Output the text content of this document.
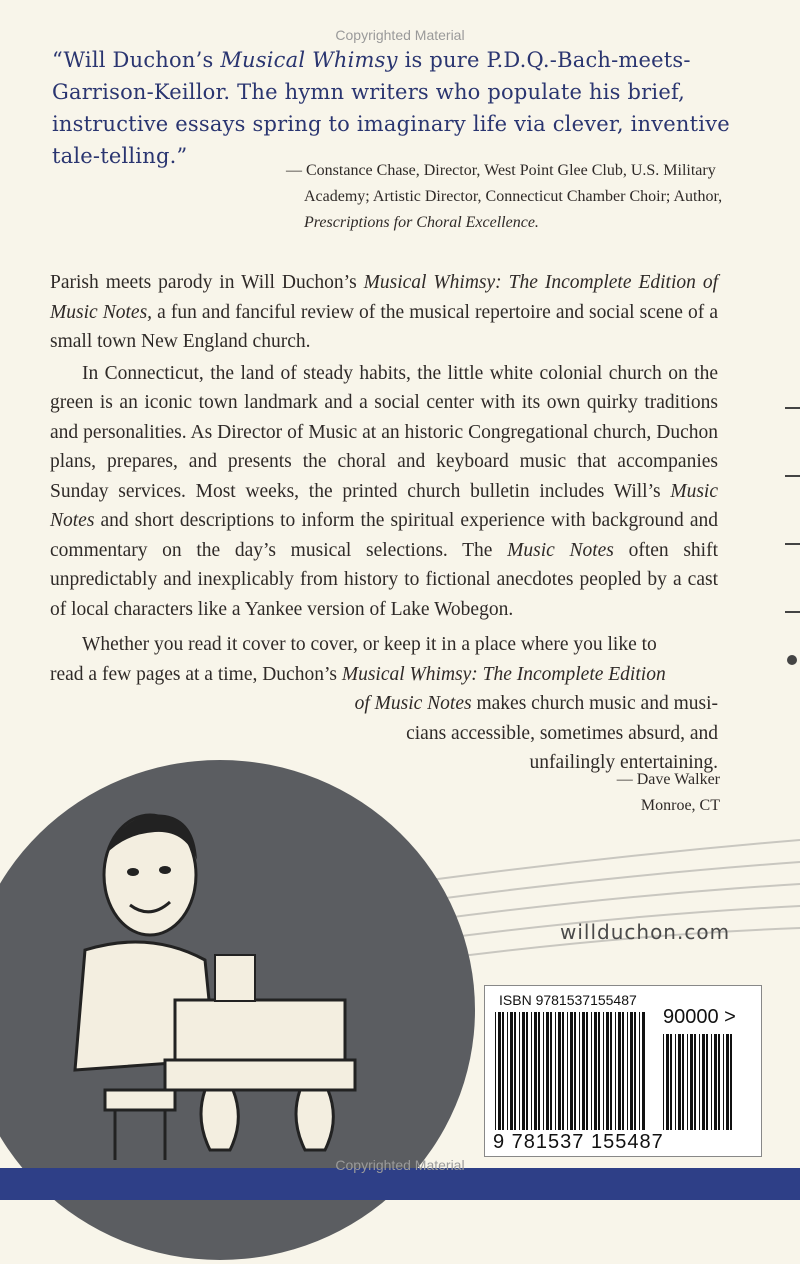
Copyrighted Material
“Will Duchon’s Musical Whimsy is pure P.D.Q.-Bach-meets-Garrison-Keillor. The hymn writers who populate his brief, instructive essays spring to imaginary life via clever, inventive tale-telling.”
— Constance Chase, Director, West Point Glee Club, U.S. Military Academy; Artistic Director, Connecticut Chamber Choir; Author, Prescriptions for Choral Excellence.

Parish meets parody in Will Duchon’s Musical Whimsy: The Incomplete Edition of Music Notes, a fun and fanciful review of the musical repertoire and social scene of a small town New England church.

In Connecticut, the land of steady habits, the little white colonial church on the green is an iconic town landmark and a social center with its own quirky traditions and personalities. As Director of Music at an historic Congregational church, Duchon plans, prepares, and presents the choral and keyboard music that accompanies Sunday services. Most weeks, the printed church bulletin includes Will’s Music Notes and short descriptions to inform the spiritual experience with background and commentary on the day’s musical selections. The Music Notes often shift unpredictably and inexplicably from history to fictional anecdotes peopled by a cast of local characters like a Yankee version of Lake Wobegon.

Whether you read it cover to cover, or keep it in a place where you like to
read a few pages at a time, Duchon’s Musical Whimsy: The Incomplete Edition
of Music Notes makes church music and musi-
cians accessible, sometimes absurd, and
unfailingly entertaining.
— Dave Walker
Monroe, CT
willduchon.com
ISBN 9781537155487
90000 >
9 781537 155487
Copyrighted Material
